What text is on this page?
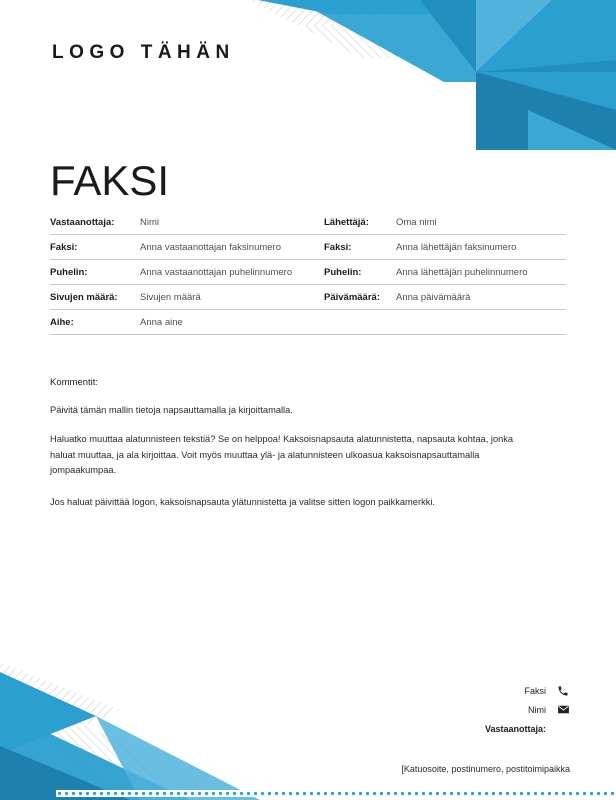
LOGO TÄHÄN
FAKSI
Vastaanottaja:	Nimi	Lähettäjä:	Oma nimi
Faksi:	Anna vastaanottajan faksinumero	Faksi:	Anna lähettäjän faksinumero
Puhelin:	Anna vastaanottajan puhelinnumero	Puhelin:	Anna lähettäjän puhelinnumero
Sivujen määrä:	Sivujen määrä	Päivämäärä:	Anna päivämäärä
Aihe:	Anna aine
Kommentit:
Päivitä tämän mallin tietoja napsauttamalla ja kirjoittamalla.
Haluatko muuttaa alatunnisteen tekstiä? Se on helppoa! Kaksoisnapsauta alatunnistetta, napsauta kohtaa, jonka haluat muuttaa, ja ala kirjoittaa. Voit myös muuttaa ylä- ja alatunnisteen ulkoasua kaksoisnapsauttamalla jompaakumpaa.
Jos haluat päivittää logon, kaksoisnapsauta ylätunnistetta ja valitse sitten logon paikkamerkki.
Faksi
Nimi
Vastaanottaja:
[Katuosoite, postinumero, postitoimipaikka
